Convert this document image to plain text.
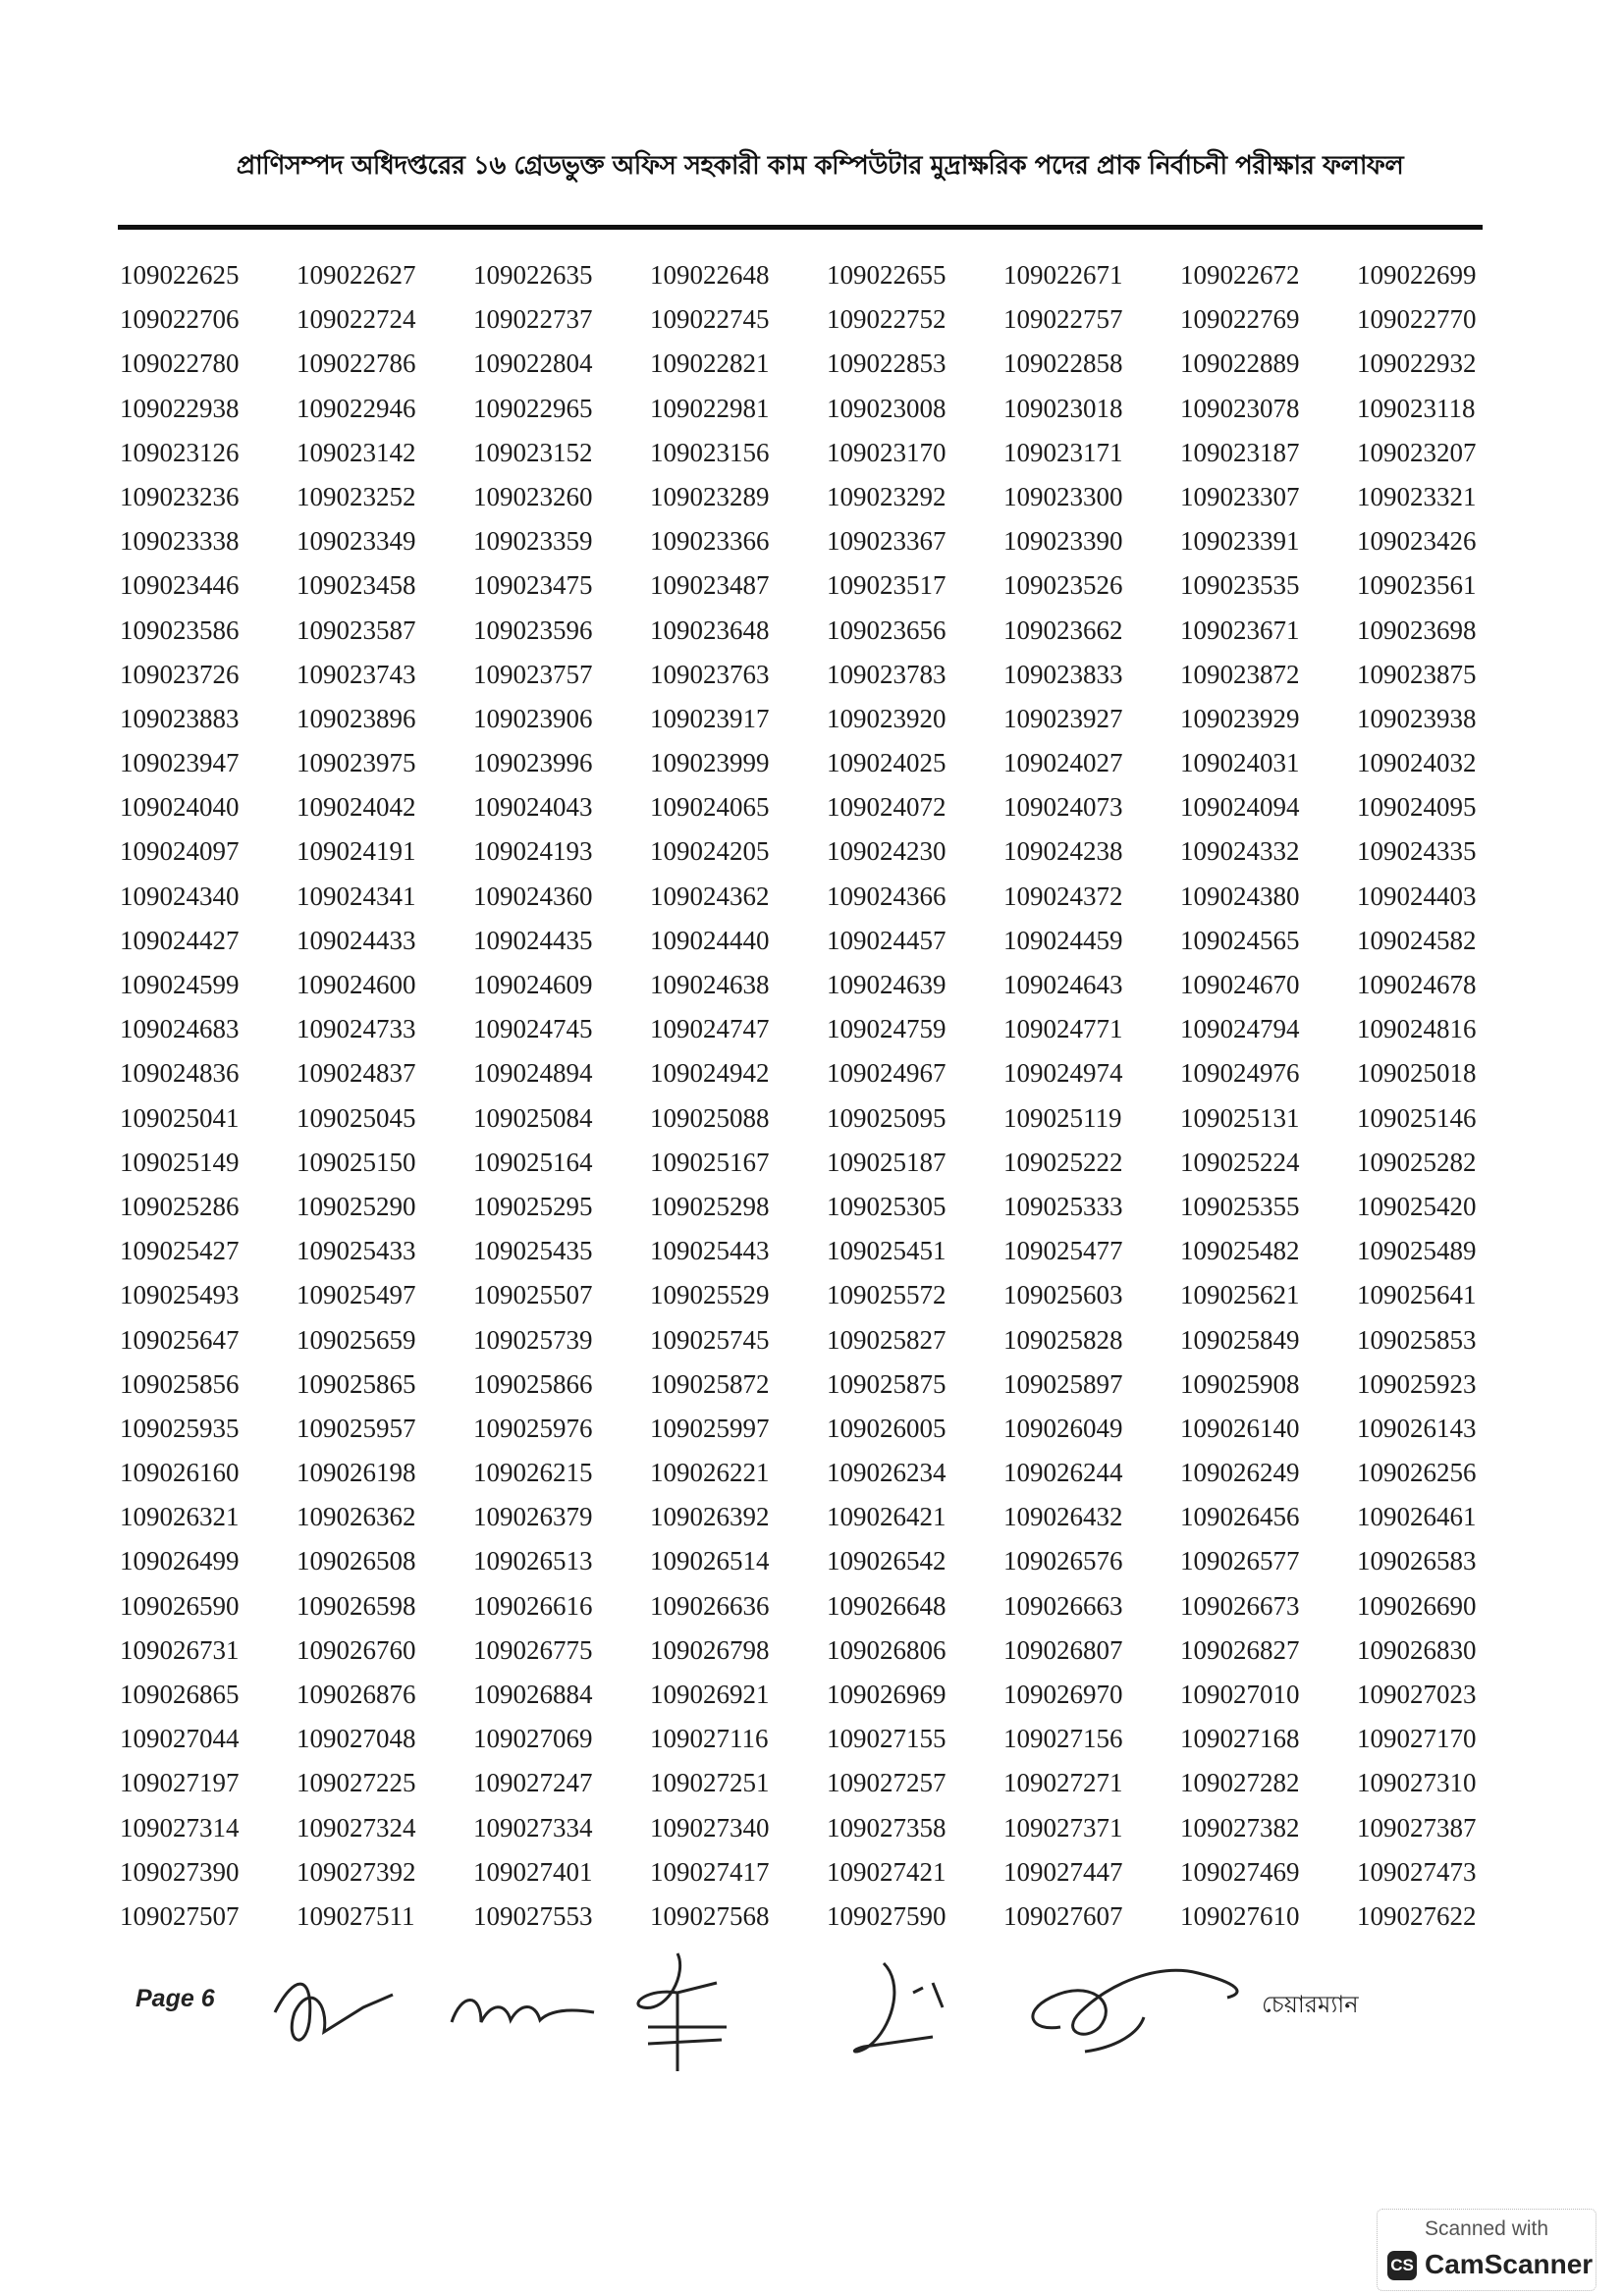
প্রাণিসম্পদ অধিদপ্তরের ১৬ গ্রেডভুক্ত অফিস সহকারী কাম কম্পিউটার মুদ্রাক্ষরিক পদের প্রাক নির্বাচনী পরীক্ষার ফলাফল
109022625	109022627	109022635	109022648	109022655	109022671	109022672	109022699
109022706	109022724	109022737	109022745	109022752	109022757	109022769	109022770
109022780	109022786	109022804	109022821	109022853	109022858	109022889	109022932
109022938	109022946	109022965	109022981	109023008	109023018	109023078	109023118
109023126	109023142	109023152	109023156	109023170	109023171	109023187	109023207
109023236	109023252	109023260	109023289	109023292	109023300	109023307	109023321
109023338	109023349	109023359	109023366	109023367	109023390	109023391	109023426
109023446	109023458	109023475	109023487	109023517	109023526	109023535	109023561
109023586	109023587	109023596	109023648	109023656	109023662	109023671	109023698
109023726	109023743	109023757	109023763	109023783	109023833	109023872	109023875
109023883	109023896	109023906	109023917	109023920	109023927	109023929	109023938
109023947	109023975	109023996	109023999	109024025	109024027	109024031	109024032
109024040	109024042	109024043	109024065	109024072	109024073	109024094	109024095
109024097	109024191	109024193	109024205	109024230	109024238	109024332	109024335
109024340	109024341	109024360	109024362	109024366	109024372	109024380	109024403
109024427	109024433	109024435	109024440	109024457	109024459	109024565	109024582
109024599	109024600	109024609	109024638	109024639	109024643	109024670	109024678
109024683	109024733	109024745	109024747	109024759	109024771	109024794	109024816
109024836	109024837	109024894	109024942	109024967	109024974	109024976	109025018
109025041	109025045	109025084	109025088	109025095	109025119	109025131	109025146
109025149	109025150	109025164	109025167	109025187	109025222	109025224	109025282
109025286	109025290	109025295	109025298	109025305	109025333	109025355	109025420
109025427	109025433	109025435	109025443	109025451	109025477	109025482	109025489
109025493	109025497	109025507	109025529	109025572	109025603	109025621	109025641
109025647	109025659	109025739	109025745	109025827	109025828	109025849	109025853
109025856	109025865	109025866	109025872	109025875	109025897	109025908	109025923
109025935	109025957	109025976	109025997	109026005	109026049	109026140	109026143
109026160	109026198	109026215	109026221	109026234	109026244	109026249	109026256
109026321	109026362	109026379	109026392	109026421	109026432	109026456	109026461
109026499	109026508	109026513	109026514	109026542	109026576	109026577	109026583
109026590	109026598	109026616	109026636	109026648	109026663	109026673	109026690
109026731	109026760	109026775	109026798	109026806	109026807	109026827	109026830
109026865	109026876	109026884	109026921	109026969	109026970	109027010	109027023
109027044	109027048	109027069	109027116	109027155	109027156	109027168	109027170
109027197	109027225	109027247	109027251	109027257	109027271	109027282	109027310
109027314	109027324	109027334	109027340	109027358	109027371	109027382	109027387
109027390	109027392	109027401	109027417	109027421	109027447	109027469	109027473
109027507	109027511	109027553	109027568	109027590	109027607	109027610	109027622
Page 6	চেয়ারম্যান
Scanned with
CS CamScanner
